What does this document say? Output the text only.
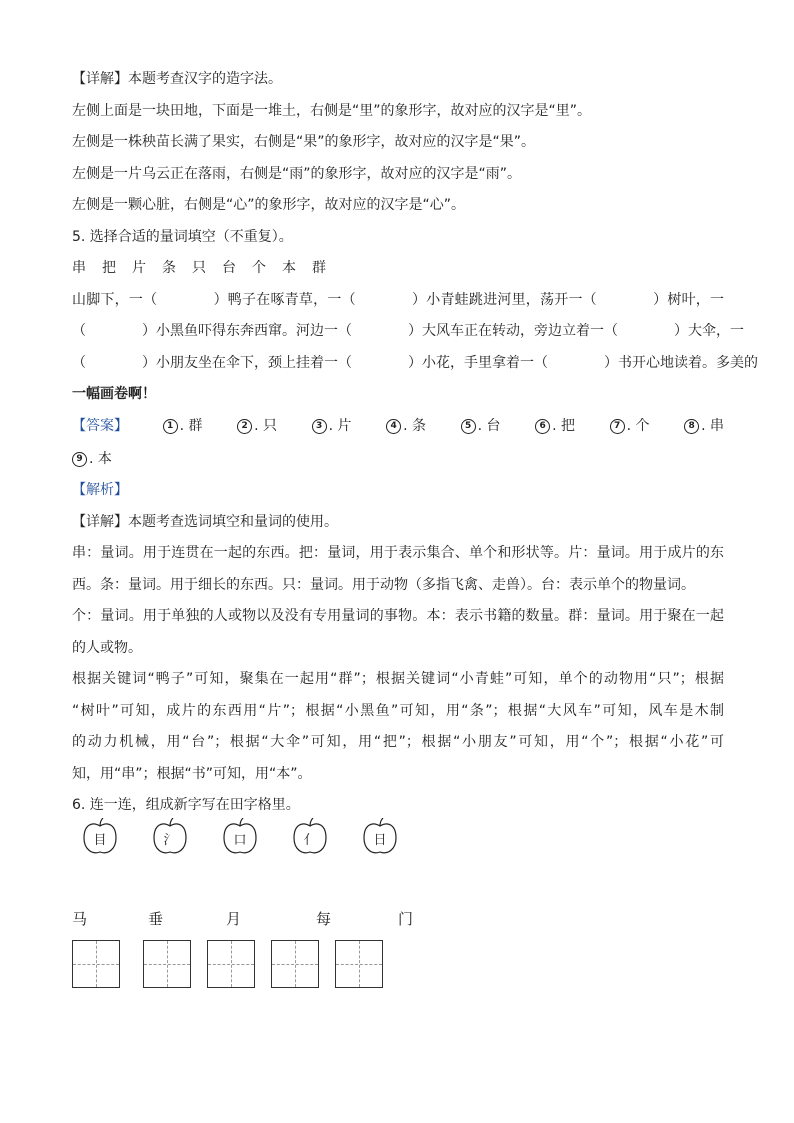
【详解】本题考查汉字的造字法。

左侧上面是一块田地，下面是一堆土，右侧是“里”的象形字，故对应的汉字是“里”。

左侧是一株秧苗长满了果实，右侧是“果”的象形字，故对应的汉字是“果”。

左侧是一片乌云正在落雨，右侧是“雨”的象形字，故对应的汉字是“雨”。

左侧是一颗心脏，右侧是“心”的象形字，故对应的汉字是“心”。

5. 选择合适的量词填空（不重复）。

串 把 片 条 只 台 个 本 群

山脚下，一（	）鸭子在啄青草，一（	）小青蛙跳进河里，荡开一（	）树叶，一

（	）小黑鱼吓得东奔西窜。河边一（	）大风车正在转动，旁边立着一（	）大伞，一

（	）小朋友坐在伞下，颈上挂着一（	）小花，手里拿着一（	）书开心地读着。多美的

一幅画卷啊！

【答案】	1 . 群	2 . 只	3 . 片	4 . 条	5 . 台	6 . 把	7 . 个	8 . 串

9 . 本

【解析】

【详解】本题考查选词填空和量词的使用。

串：量词。用于连贯在一起的东西。把：量词，用于表示集合、单个和形状等。片：量词。用于成片的东

西。条：量词。用于细长的东西。只：量词。用于动物（多指飞禽、走兽）。台：表示单个的物量词。

个：量词。用于单独的人或物以及没有专用量词的事物。本：表示书籍的数量。群：量词。用于聚在一起

的人或物。

根据关键词“鸭子”可知，聚集在一起用“群”；根据关键词“小青蛙”可知，单个的动物用“只”；根据

“树叶”可知，成片的东西用“片”；根据“小黑鱼”可知，用“条”；根据“大风车”可知，风车是木制

的动力机械，用“台”；根据“大伞”可知，用“把”；根据“小朋友”可知，用“个”；根据“小花”可

知，用“串”；根据“书”可知，用“本”。

6. 连一连，组成新字写在田字格里。

目	氵	口	亻	日
马	垂	月	每	门
